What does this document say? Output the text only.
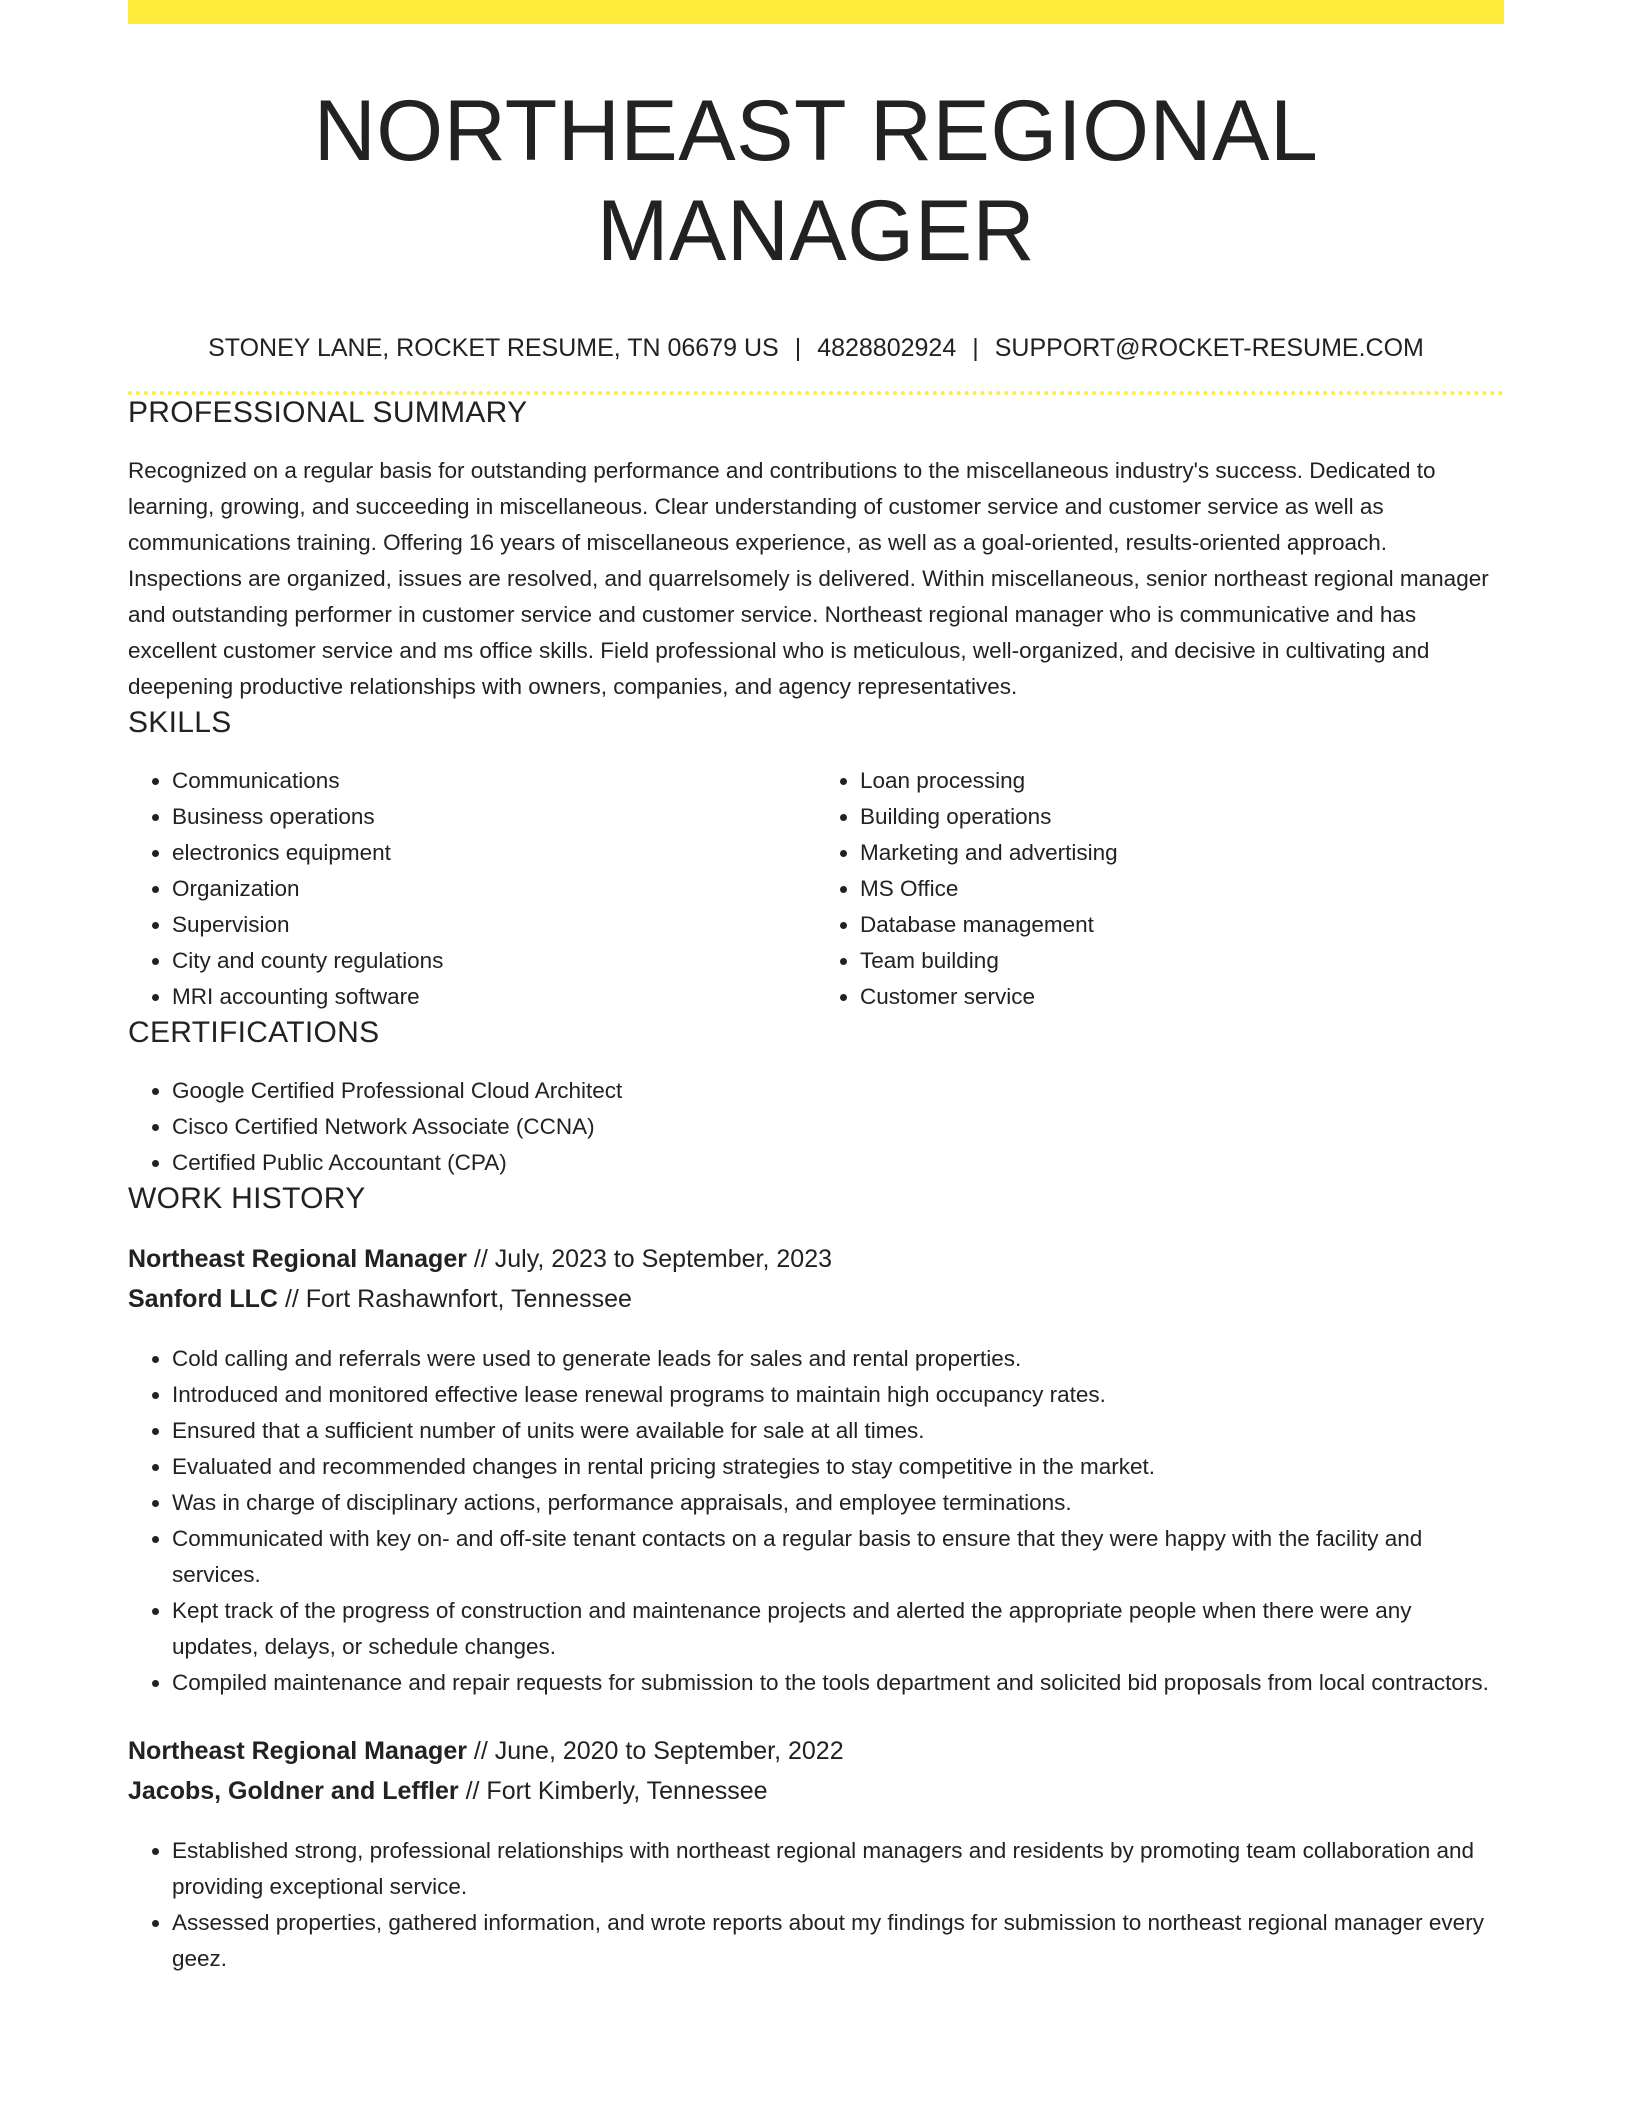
NORTHEAST REGIONAL MANAGER
STONEY LANE, ROCKET RESUME, TN 06679 US | 4828802924 | SUPPORT@ROCKET-RESUME.COM
PROFESSIONAL SUMMARY
Recognized on a regular basis for outstanding performance and contributions to the miscellaneous industry's success. Dedicated to learning, growing, and succeeding in miscellaneous. Clear understanding of customer service and customer service as well as communications training. Offering 16 years of miscellaneous experience, as well as a goal-oriented, results-oriented approach. Inspections are organized, issues are resolved, and quarrelsomely is delivered. Within miscellaneous, senior northeast regional manager and outstanding performer in customer service and customer service. Northeast regional manager who is communicative and has excellent customer service and ms office skills. Field professional who is meticulous, well-organized, and decisive in cultivating and deepening productive relationships with owners, companies, and agency representatives.
SKILLS
• Communications
• Business operations
• electronics equipment
• Organization
• Supervision
• City and county regulations
• MRI accounting software
• Loan processing
• Building operations
• Marketing and advertising
• MS Office
• Database management
• Team building
• Customer service
CERTIFICATIONS
• Google Certified Professional Cloud Architect
• Cisco Certified Network Associate (CCNA)
• Certified Public Accountant (CPA)
WORK HISTORY
Northeast Regional Manager // July, 2023 to September, 2023
Sanford LLC // Fort Rashawnfort, Tennessee
• Cold calling and referrals were used to generate leads for sales and rental properties.
• Introduced and monitored effective lease renewal programs to maintain high occupancy rates.
• Ensured that a sufficient number of units were available for sale at all times.
• Evaluated and recommended changes in rental pricing strategies to stay competitive in the market.
• Was in charge of disciplinary actions, performance appraisals, and employee terminations.
• Communicated with key on- and off-site tenant contacts on a regular basis to ensure that they were happy with the facility and services.
• Kept track of the progress of construction and maintenance projects and alerted the appropriate people when there were any updates, delays, or schedule changes.
• Compiled maintenance and repair requests for submission to the tools department and solicited bid proposals from local contractors.
Northeast Regional Manager // June, 2020 to September, 2022
Jacobs, Goldner and Leffler // Fort Kimberly, Tennessee
• Established strong, professional relationships with northeast regional managers and residents by promoting team collaboration and providing exceptional service.
• Assessed properties, gathered information, and wrote reports about my findings for submission to northeast regional manager every geez.
